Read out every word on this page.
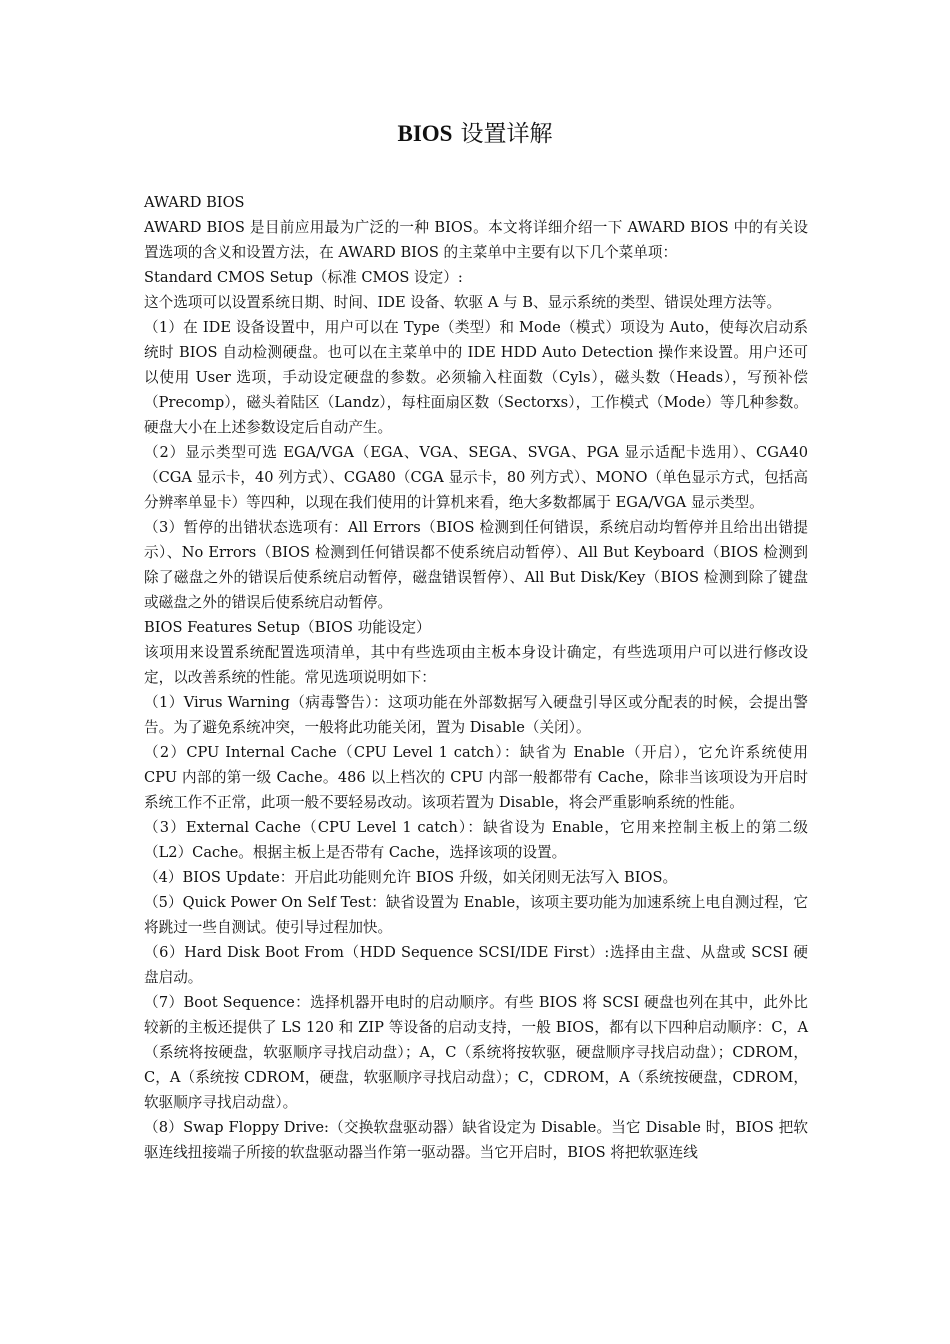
BIOS 设置详解

AWARD BIOS

AWARD BIOS 是目前应用最为广泛的一种 BIOS。本文将详细介绍一下 AWARD BIOS 中的有关设置选项的含义和设置方法，在 AWARD BIOS 的主菜单中主要有以下几个菜单项：

Standard CMOS Setup（标准 CMOS 设定）:

这个选项可以设置系统日期、时间、IDE 设备、软驱 A 与 B、显示系统的类型、错误处理方法等。

（1）在 IDE 设备设置中，用户可以在 Type（类型）和 Mode（模式）项设为 Auto，使每次启动系统时 BIOS 自动检测硬盘。也可以在主菜单中的 IDE HDD Auto Detection 操作来设置。用户还可以使用 User 选项，手动设定硬盘的参数。必须输入柱面数（Cyls），磁头数（Heads），写预补偿（Precomp），磁头着陆区（Landz），每柱面扇区数（Sectorxs），工作模式（Mode）等几种参数。硬盘大小在上述参数设定后自动产生。

（2）显示类型可选 EGA/VGA（EGA、VGA、SEGA、SVGA、PGA 显示适配卡选用）、CGA40（CGA 显示卡，40 列方式）、CGA80（CGA 显示卡，80 列方式）、MONO（单色显示方式，包括高分辨率单显卡）等四种，以现在我们使用的计算机来看，绝大多数都属于 EGA/VGA 显示类型。

（3）暂停的出错状态选项有：All Errors（BIOS 检测到任何错误，系统启动均暂停并且给出出错提示）、No Errors（BIOS 检测到任何错误都不使系统启动暂停）、All But Keyboard（BIOS 检测到除了磁盘之外的错误后使系统启动暂停，磁盘错误暂停）、All But Disk/Key（BIOS 检测到除了键盘或磁盘之外的错误后使系统启动暂停。

BIOS Features Setup（BIOS 功能设定）

该项用来设置系统配置选项清单，其中有些选项由主板本身设计确定，有些选项用户可以进行修改设定，以改善系统的性能。常见选项说明如下：

（1）Virus Warning（病毒警告）：这项功能在外部数据写入硬盘引导区或分配表的时候，会提出警告。为了避免系统冲突，一般将此功能关闭，置为 Disable（关闭）。

（2）CPU Internal Cache（CPU Level 1 catch）：缺省为 Enable（开启），它允许系统使用 CPU 内部的第一级 Cache。486 以上档次的 CPU 内部一般都带有 Cache，除非当该项设为开启时系统工作不正常，此项一般不要轻易改动。该项若置为 Disable，将会严重影响系统的性能。

（3）External Cache（CPU Level 1 catch）：缺省设为 Enable，它用来控制主板上的第二级（L2）Cache。根据主板上是否带有 Cache，选择该项的设置。

（4）BIOS Update：开启此功能则允许 BIOS 升级，如关闭则无法写入 BIOS。

（5）Quick Power On Self Test：缺省设置为 Enable，该项主要功能为加速系统上电自测过程，它将跳过一些自测试。使引导过程加快。

（6）Hard Disk Boot From（HDD Sequence SCSI/IDE First）:选择由主盘、从盘或 SCSI 硬盘启动。

（7）Boot Sequence：选择机器开电时的启动顺序。有些 BIOS 将 SCSI 硬盘也列在其中，此外比较新的主板还提供了 LS 120 和 ZIP 等设备的启动支持，一般 BIOS，都有以下四种启动顺序：C，A（系统将按硬盘，软驱顺序寻找启动盘）；A，C（系统将按软驱，硬盘顺序寻找启动盘）；CDROM，C，A（系统按 CDROM，硬盘，软驱顺序寻找启动盘）；C，CDROM，A（系统按硬盘，CDROM，软驱顺序寻找启动盘）。

（8）Swap Floppy Drive:（交换软盘驱动器）缺省设定为 Disable。当它 Disable 时，BIOS 把软驱连线扭接端子所接的软盘驱动器当作第一驱动器。当它开启时，BIOS 将把软驱连线
